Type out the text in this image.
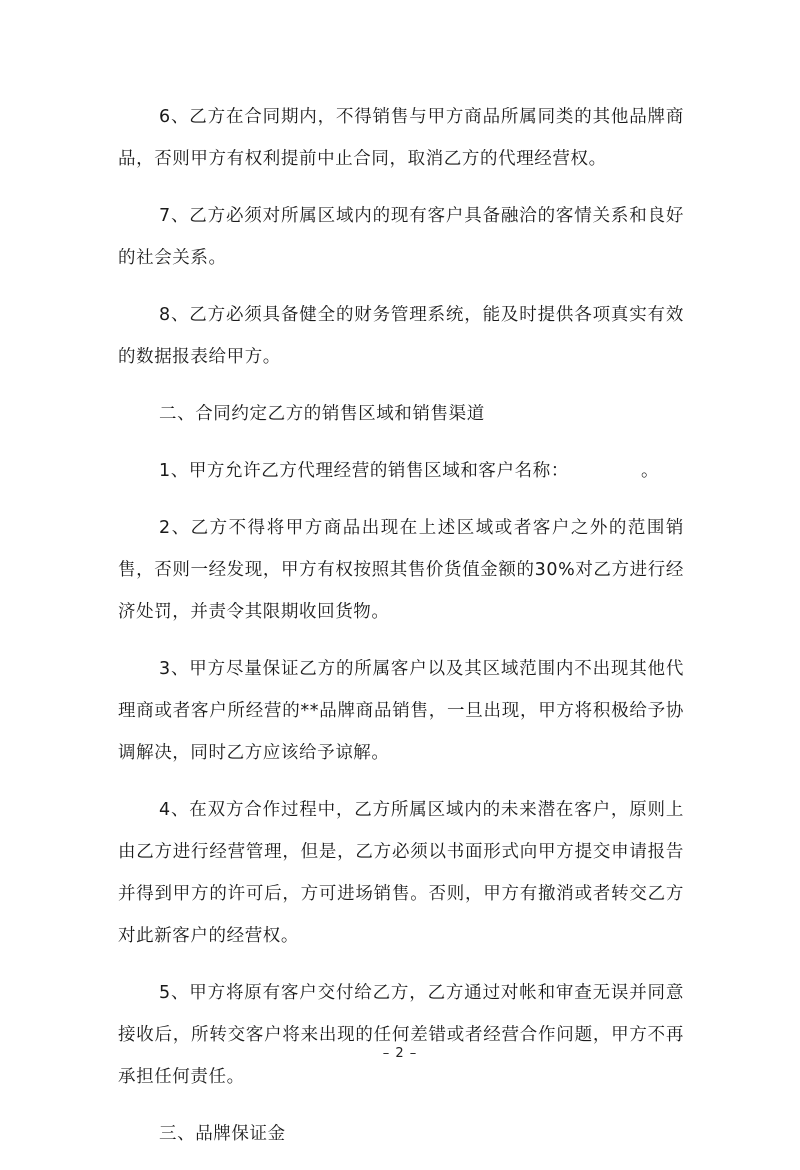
6、乙方在合同期内，不得销售与甲方商品所属同类的其他品牌商品，否则甲方有权利提前中止合同，取消乙方的代理经营权。

7、乙方必须对所属区域内的现有客户具备融洽的客情关系和良好的社会关系。

8、乙方必须具备健全的财务管理系统，能及时提供各项真实有效的数据报表给甲方。

二、合同约定乙方的销售区域和销售渠道

1、甲方允许乙方代理经营的销售区域和客户名称：	。

2、乙方不得将甲方商品出现在上述区域或者客户之外的范围销售，否则一经发现，甲方有权按照其售价货值金额的30%对乙方进行经济处罚，并责令其限期收回货物。

3、甲方尽量保证乙方的所属客户以及其区域范围内不出现其他代理商或者客户所经营的**品牌商品销售，一旦出现，甲方将积极给予协调解决，同时乙方应该给予谅解。

4、在双方合作过程中，乙方所属区域内的未来潜在客户，原则上由乙方进行经营管理，但是，乙方必须以书面形式向甲方提交申请报告并得到甲方的许可后，方可进场销售。否则，甲方有撤消或者转交乙方对此新客户的经营权。

5、甲方将原有客户交付给乙方，乙方通过对帐和审查无误并同意接收后，所转交客户将来出现的任何差错或者经营合作问题，甲方不再承担任何责任。

三、品牌保证金

– 2 –
